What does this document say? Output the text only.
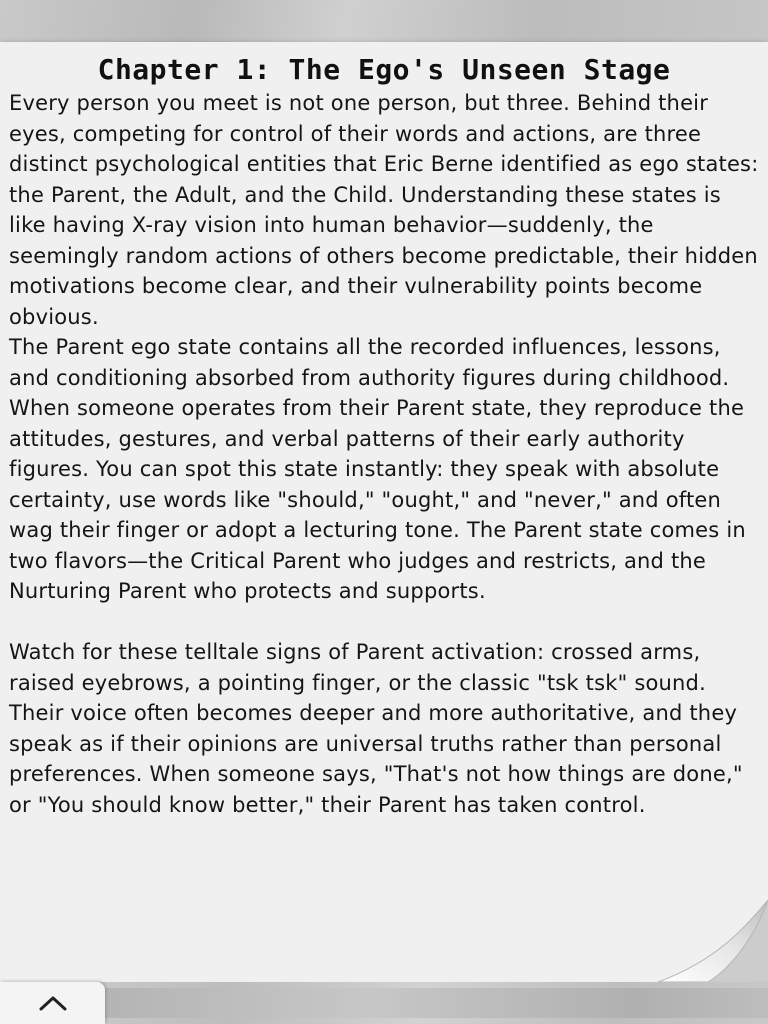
Chapter 1: The Ego's Unseen Stage

Every person you meet is not one person, but three. Behind their eyes, competing for control of their words and actions, are three distinct psychological entities that Eric Berne identified as ego states: the Parent, the Adult, and the Child. Understanding these states is like having X-ray vision into human behavior—suddenly, the seemingly random actions of others become predictable, their hidden motivations become clear, and their vulnerability points become obvious.

The Parent ego state contains all the recorded influences, lessons, and conditioning absorbed from authority figures during childhood. When someone operates from their Parent state, they reproduce the attitudes, gestures, and verbal patterns of their early authority figures. You can spot this state instantly: they speak with absolute certainty, use words like "should," "ought," and "never," and often wag their finger or adopt a lecturing tone. The Parent state comes in two flavors—the Critical Parent who judges and restricts, and the Nurturing Parent who protects and supports.

Watch for these telltale signs of Parent activation: crossed arms, raised eyebrows, a pointing finger, or the classic "tsk tsk" sound. Their voice often becomes deeper and more authoritative, and they speak as if their opinions are universal truths rather than personal preferences. When someone says, "That's not how things are done," or "You should know better," their Parent has taken control.
